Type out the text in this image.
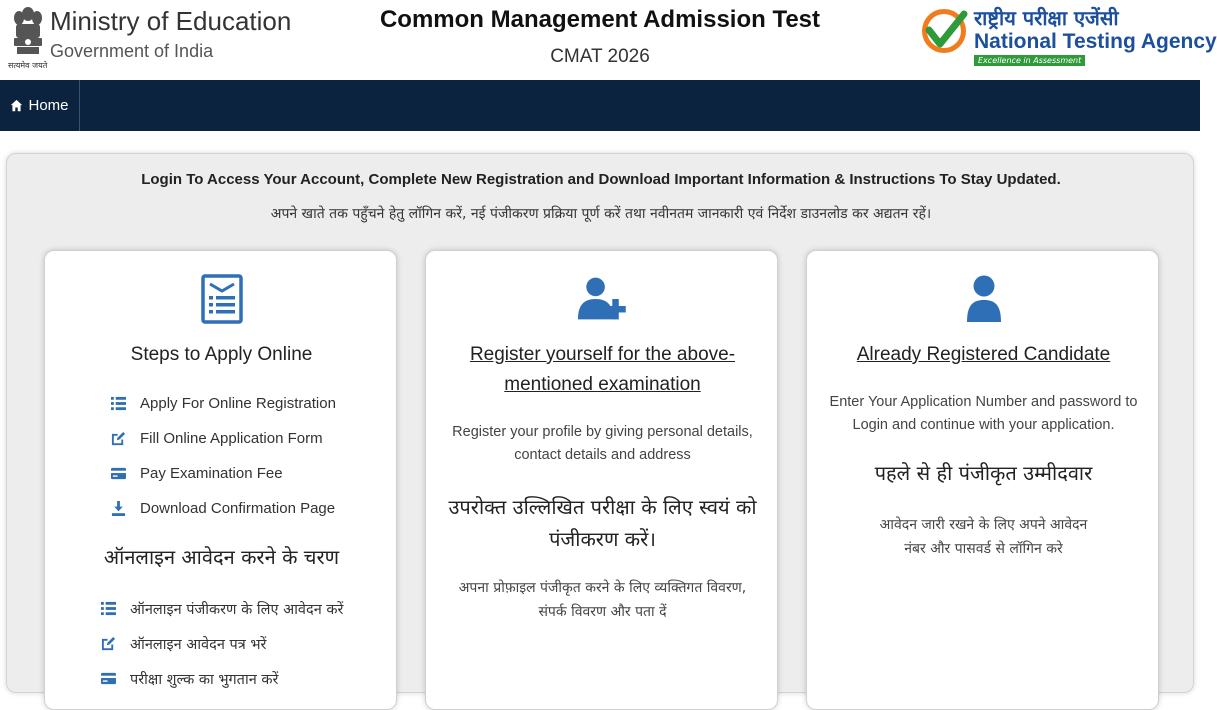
सत्यमेव जयते
Ministry of Education
Government of India
Common Management Admission Test
CMAT 2026
राष्ट्रीय परीक्षा एजेंसी
National Testing Agency
Excellence in Assessment
Home
Login To Access Your Account, Complete New Registration and Download Important Information & Instructions To Stay Updated.
अपने खाते तक पहुँचने हेतु लॉगिन करें, नई पंजीकरण प्रक्रिया पूर्ण करें तथा नवीनतम जानकारी एवं निर्देश डाउनलोड कर अद्यतन रहें।
Steps to Apply Online
Apply For Online Registration
Fill Online Application Form
Pay Examination Fee
Download Confirmation Page
ऑनलाइन आवेदन करने के चरण
ऑनलाइन पंजीकरण के लिए आवेदन करें
ऑनलाइन आवेदन पत्र भरें
परीक्षा शुल्क का भुगतान करें
Register yourself for the above-mentioned examination
Register your profile by giving personal details, contact details and address
उपरोक्त उल्लिखित परीक्षा के लिए स्वयं को पंजीकरण करें।
अपना प्रोफ़ाइल पंजीकृत करने के लिए व्यक्तिगत विवरण, संपर्क विवरण और पता दें
Already Registered Candidate
Enter Your Application Number and password to Login and continue with your application.
पहले से ही पंजीकृत उम्मीदवार
आवेदन जारी रखने के लिए अपने आवेदन नंबर और पासवर्ड से लॉगिन करे
